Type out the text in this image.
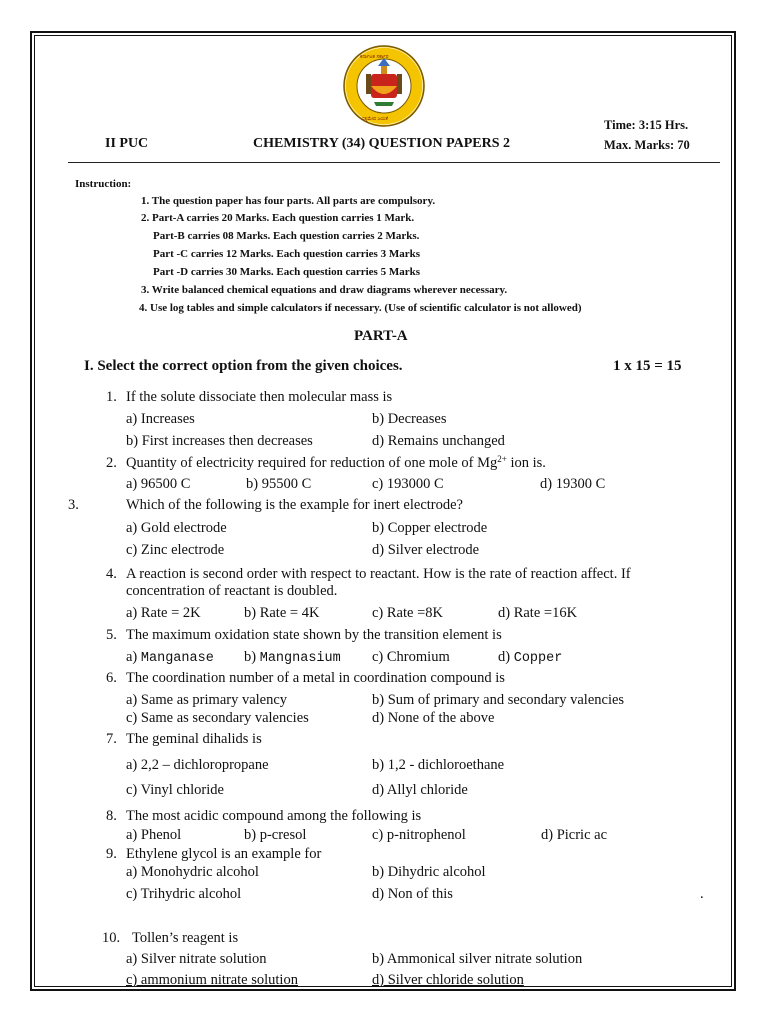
ಕರ್ನಾಟಕ ಸರ್ಕಾರ
ಸತ್ಯಮೇವ ಜಯತೆ
II PUC	CHEMISTRY (34) QUESTION PAPERS 2
Time: 3:15 Hrs.
Max. Marks: 70
Instruction:
1. The question paper has four parts. All parts are compulsory.
2. Part-A carries 20 Marks. Each question carries 1 Mark.
Part-B carries 08 Marks. Each question carries 2 Marks.
Part -C carries 12 Marks. Each question carries 3 Marks
Part -D carries 30 Marks. Each question carries 5 Marks
3. Write balanced chemical equations and draw diagrams wherever necessary.
4. Use log tables and simple calculators if necessary. (Use of scientific calculator is not allowed)
PART-A
I. Select the correct option from the given choices.	1 x 15 = 15
1. If the solute dissociate then molecular mass is
a) Increases	b) Decreases
b) First increases then decreases	d) Remains unchanged
2. Quantity of electricity required for reduction of one mole of $Mg^{2+}$ ion is.
a) 96500 C	b) 95500 C	c) 193000 C	d) 19300 C
3.	Which of the following is the example for inert electrode?
a) Gold electrode	b) Copper electrode
c) Zinc electrode	d) Silver electrode
4. A reaction is second order with respect to reactant. How is the rate of reaction affect. If
concentration of reactant is doubled.
a) Rate = 2K	b) Rate = 4K	c) Rate =8K	d) Rate =16K
5. The maximum oxidation state shown by the transition element is
a) Manganase b) Mangnasium c) Chromium	d) Copper
6. The coordination number of a metal in coordination compound is
a) Same as primary valency	b) Sum of primary and secondary valencies
c) Same as secondary valencies	d) None of the above
7. The geminal dihalids is
a) 2,2 – dichloropropane	b) 1,2 - dichloroethane
c) Vinyl chloride	d) Allyl chloride
8. The most acidic compound among the following is
a) Phenol	b) p-cresol	c) p-nitrophenol	d) Picric ac
9. Ethylene glycol is an example for
a) Monohydric alcohol	b) Dihydric alcohol
c) Trihydric alcohol	d) Non of this	.
10. Tollen’s reagent is
a) Silver nitrate solution	b) Ammonical silver nitrate solution
c) ammonium nitrate solution	d) Silver chloride solution
